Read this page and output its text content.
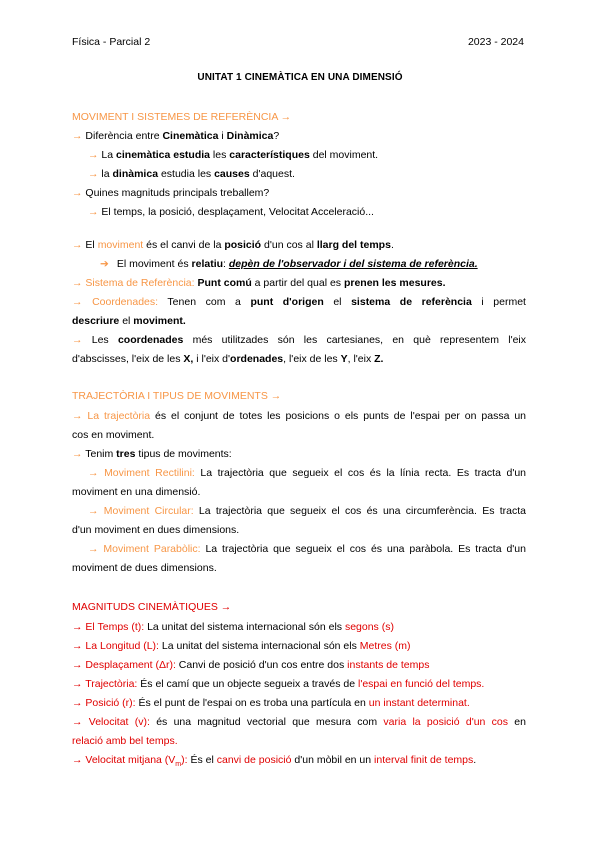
Física - Parcial 2	2023 - 2024
UNITAT 1 CINEMÀTICA EN UNA DIMENSIÓ
MOVIMENT I SISTEMES DE REFERÈNCIA →
→ Diferència entre Cinemàtica i Dinàmica?
→ La cinemàtica estudia les característiques del moviment.
→ la dinàmica estudia les causes d'aquest.
→ Quines magnituds principals treballem?
→ El temps, la posició, desplaçament, Velocitat Acceleració...
→ El moviment és el canvi de la posició d'un cos al llarg del temps.
➔ El moviment és relatiu: depèn de l'observador i del sistema de referència.
→ Sistema de Referència: Punt comú a partir del qual es prenen les mesures.
→ Coordenades: Tenen com a punt d'origen el sistema de referència i permet
descriure el moviment.
→ Les coordenades més utilitzades són les cartesianes, en què representem l'eix
d'abscisses, l'eix de les X, i l'eix d'ordenades, l'eix de les Y, l'eix Z.
TRAJECTÒRIA I TIPUS DE MOVIMENTS →
→ La trajectòria és el conjunt de totes les posicions o els punts de l'espai per on passa un
cos en moviment.
→ Tenim tres tipus de moviments:
→ Moviment Rectilini: La trajectòria que segueix el cos és la línia recta. Es tracta d'un
moviment en una dimensió.
→ Moviment Circular: La trajectòria que segueix el cos és una circumferència. Es tracta
d'un moviment en dues dimensions.
→ Moviment Parabòlic: La trajectòria que segueix el cos és una paràbola. Es tracta d'un
moviment de dues dimensions.
MAGNITUDS CINEMÀTIQUES →
→ El Temps (t): La unitat del sistema internacional són els segons (s)
→ La Longitud (L): La unitat del sistema internacional són els Metres (m)
→ Desplaçament (Δr): Canvi de posició d'un cos entre dos instants de temps
→ Trajectòria: És el camí que un objecte segueix a través de l'espai en funció del temps.
→ Posició (r): És el punt de l'espai on es troba una partícula en un instant determinat.
→ Velocitat (v): és una magnitud vectorial que mesura com varia la posició d'un cos en
relació amb bel temps.
→ Velocitat mitjana $(V_m)$: És el canvi de posició d'un mòbil en un interval finit de temps.
